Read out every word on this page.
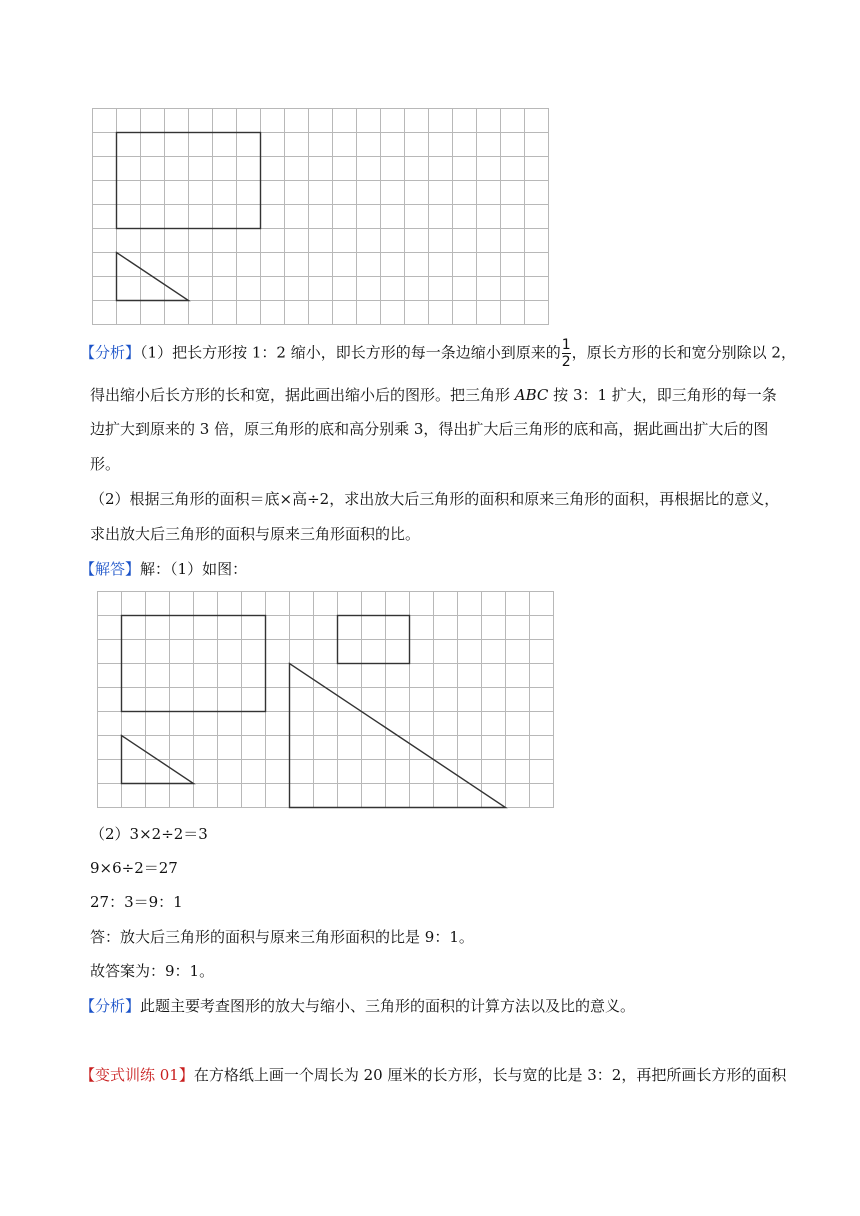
【分析】（1）把长方形按 1：2 缩小，即长方形的每一条边缩小到原来的 $\frac{1}{2}$ ，原长方形的长和宽分别除以 2，
得出缩小后长方形的长和宽，据此画出缩小后的图形。把三角形 ABC 按 3：1 扩大，即三角形的每一条
边扩大到原来的 3 倍，原三角形的底和高分别乘 3，得出扩大后三角形的底和高，据此画出扩大后的图
形。
（2）根据三角形的面积＝底×高÷2，求出放大后三角形的面积和原来三角形的面积，再根据比的意义，
求出放大后三角形的面积与原来三角形面积的比。
【解答】解：（1）如图：
（2）3×2÷2＝3
9×6÷2＝27
27：3＝9：1
答：放大后三角形的面积与原来三角形面积的比是 9：1。
故答案为：9：1。
【分析】此题主要考查图形的放大与缩小、三角形的面积的计算方法以及比的意义。
【变式训练 01】在方格纸上画一个周长为 20 厘米的长方形，长与宽的比是 3：2，再把所画长方形的面积
